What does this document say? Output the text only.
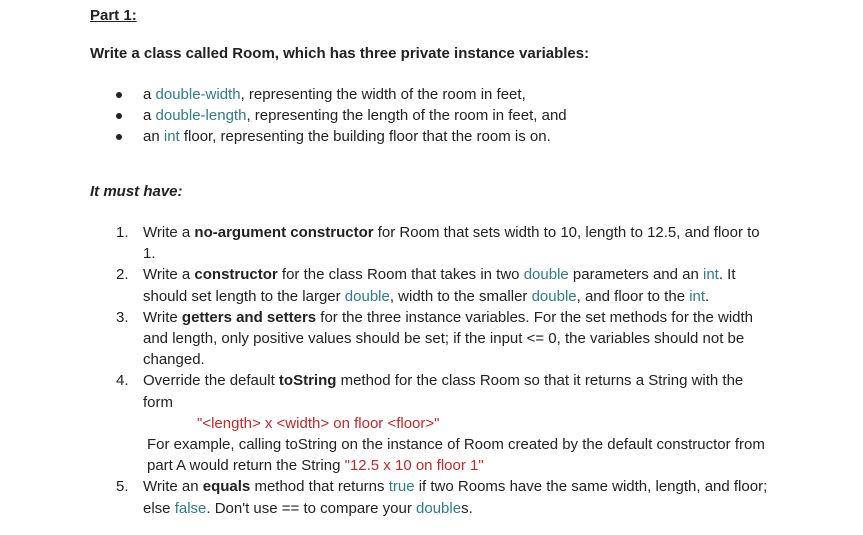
Part 1:

Write a class called Room, which has three private instance variables:

a double-width, representing the width of the room in feet,
a double-length, representing the length of the room in feet, and
an int floor, representing the building floor that the room is on.

It must have:

1. Write a no-argument constructor for Room that sets width to 10, length to 12.5, and floor to 1.
2. Write a constructor for the class Room that takes in two double parameters and an int. It should set length to the larger double, width to the smaller double, and floor to the int.
3. Write getters and setters for the three instance variables. For the set methods for the width and length, only positive values should be set; if the input <= 0, the variables should not be changed.
4. Override the default toString method for the class Room so that it returns a String with the form
"<length> x <width> on floor <floor>"
For example, calling toString on the instance of Room created by the default constructor from part A would return the String "12.5 x 10 on floor 1"
5. Write an equals method that returns true if two Rooms have the same width, length, and floor; else false. Don't use == to compare your doubles.
